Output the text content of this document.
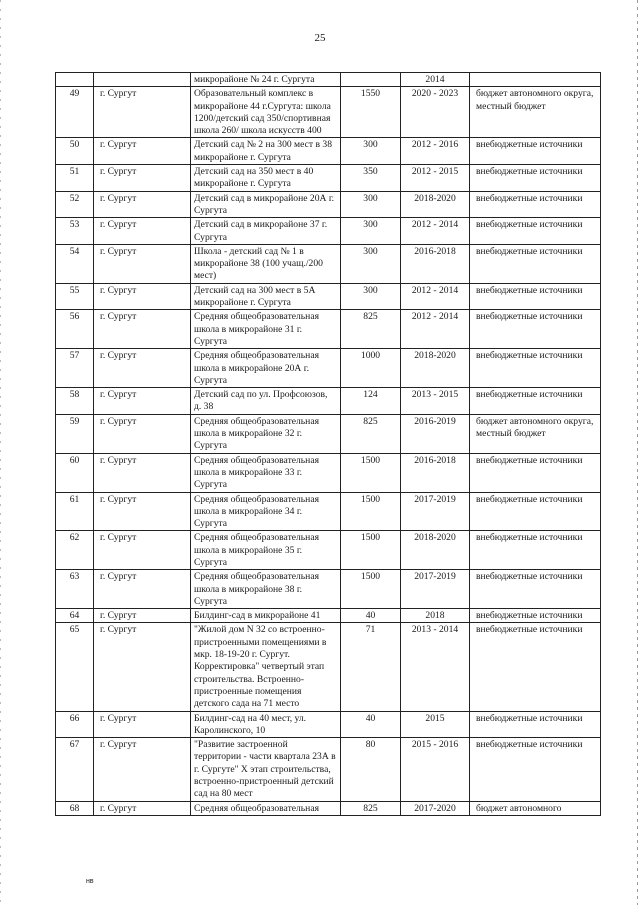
25
		микрорайоне № 24 г. Сургута		2014	
49	г. Сургут	Образовательный комплекс в микрорайоне 44 г.Сургута: школа 1200/детский сад 350/спортивная школа 260/ школа искусств 400	1550	2020 - 2023	бюджет автономного округа, местный бюджет
50	г. Сургут	Детский сад № 2 на 300 мест в 38 микрорайоне г. Сургута	300	2012 - 2016	внебюджетные источники
51	г. Сургут	Детский сад на 350 мест в 40 микрорайоне г. Сургута	350	2012 - 2015	внебюджетные источники
52	г. Сургут	Детский сад в микрорайоне 20А г. Сургута	300	2018-2020	внебюджетные источники
53	г. Сургут	Детский сад в микрорайоне 37 г. Сургута	300	2012 - 2014	внебюджетные источники
54	г. Сургут	Школа - детский сад № 1 в микрорайоне 38 (100 учащ./200 мест)	300	2016-2018	внебюджетные источники
55	г. Сургут	Детский сад на 300 мест в 5А микрорайоне г. Сургута	300	2012 - 2014	внебюджетные источники
56	г. Сургут	Средняя общеобразовательная школа в микрорайоне 31 г. Сургута	825	2012 - 2014	внебюджетные источники
57	г. Сургут	Средняя общеобразовательная школа в микрорайоне 20А г. Сургута	1000	2018-2020	внебюджетные источники
58	г. Сургут	Детский сад по ул. Профсоюзов, д. 38	124	2013 - 2015	внебюджетные источники
59	г. Сургут	Средняя общеобразовательная школа в микрорайоне 32 г. Сургута	825	2016-2019	бюджет автономного округа, местный бюджет
60	г. Сургут	Средняя общеобразовательная школа в микрорайоне 33 г. Сургута	1500	2016-2018	внебюджетные источники
61	г. Сургут	Средняя общеобразовательная школа в микрорайоне 34 г. Сургута	1500	2017-2019	внебюджетные источники
62	г. Сургут	Средняя общеобразовательная школа в микрорайоне 35 г. Сургута	1500	2018-2020	внебюджетные источники
63	г. Сургут	Средняя общеобразовательная школа в микрорайоне 38 г. Сургута	1500	2017-2019	внебюджетные источники
64	г. Сургут	Билдинг-сад в микрорайоне 41	40	2018	внебюджетные источники
65	г. Сургут	"Жилой дом N 32 со встроенно-пристроенными помещениями в мкр. 18-19-20 г. Сургут. Корректировка" четвертый этап строительства. Встроенно-пристроенные помещения детского сада на 71 место	71	2013 - 2014	внебюджетные источники
66	г. Сургут	Билдинг-сад на 40 мест, ул. Каролинского, 10	40	2015	внебюджетные источники
67	г. Сургут	"Развитие застроенной территории - части квартала 23А в г. Сургуте" X этап строительства, встроенно-пристроенный детский сад на 80 мест	80	2015 - 2016	внебюджетные источники
68	г. Сургут	Средняя общеобразовательная	825	2017-2020	бюджет автономного
нв
